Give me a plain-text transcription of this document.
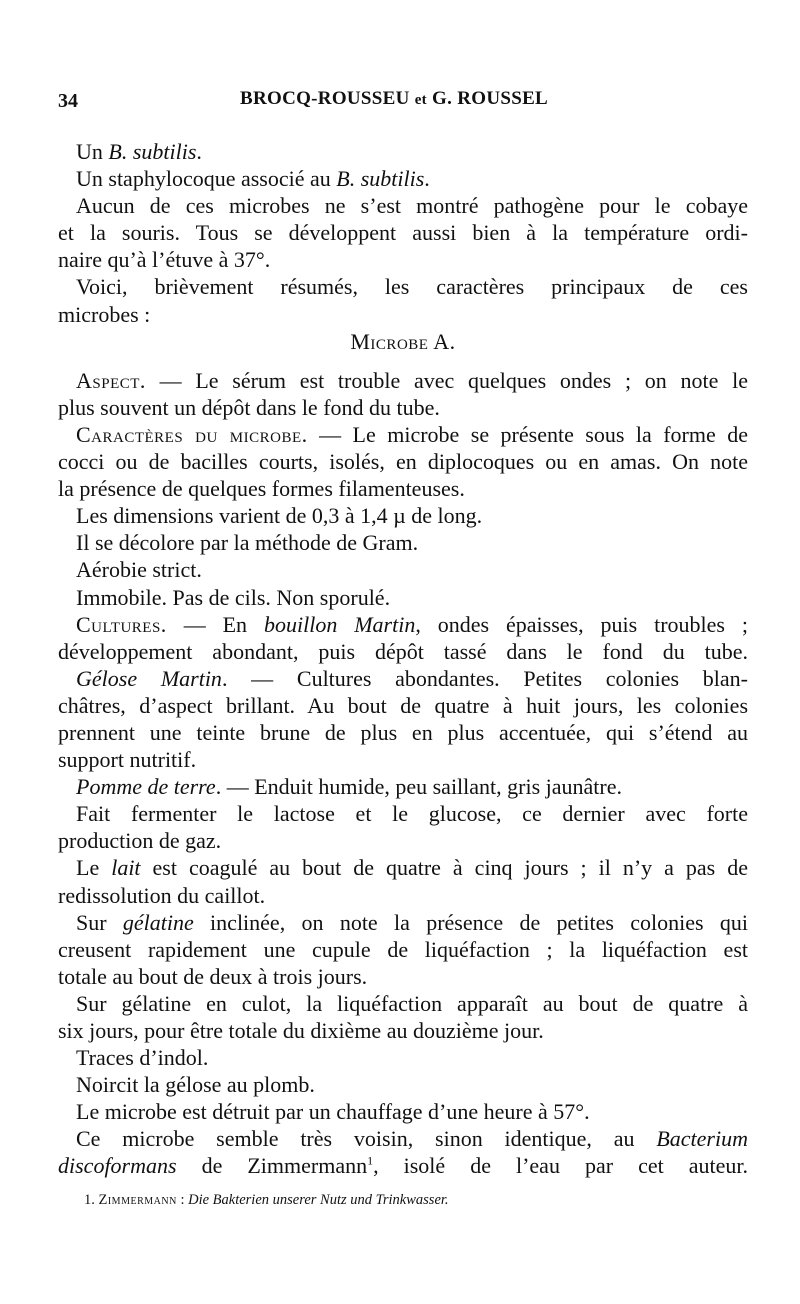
34	BROCQ-ROUSSEU et G. ROUSSEL
Un B. subtilis.
Un staphylocoque associé au B. subtilis.
Aucun de ces microbes ne s’est montré pathogène pour le cobaye
et la souris. Tous se développent aussi bien à la température ordi-
naire qu’à l’étuve à 37°.
Voici, brièvement résumés, les caractères principaux de ces
microbes :
Microbe A.
Aspect. — Le sérum est trouble avec quelques ondes ; on note le
plus souvent un dépôt dans le fond du tube.
Caractères du microbe. — Le microbe se présente sous la forme de
cocci ou de bacilles courts, isolés, en diplocoques ou en amas. On note
la présence de quelques formes filamenteuses.
Les dimensions varient de 0,3 à 1,4 µ de long.
Il se décolore par la méthode de Gram.
Aérobie strict.
Immobile. Pas de cils. Non sporulé.
Cultures. — En bouillon Martin, ondes épaisses, puis troubles ;
développement abondant, puis dépôt tassé dans le fond du tube.
Gélose Martin. — Cultures abondantes. Petites colonies blan-
châtres, d’aspect brillant. Au bout de quatre à huit jours, les colonies
prennent une teinte brune de plus en plus accentuée, qui s’étend au
support nutritif.
Pomme de terre. — Enduit humide, peu saillant, gris jaunâtre.
Fait fermenter le lactose et le glucose, ce dernier avec forte
production de gaz.
Le lait est coagulé au bout de quatre à cinq jours ; il n’y a pas de
redissolution du caillot.
Sur gélatine inclinée, on note la présence de petites colonies qui
creusent rapidement une cupule de liquéfaction ; la liquéfaction est
totale au bout de deux à trois jours.
Sur gélatine en culot, la liquéfaction apparaît au bout de quatre à
six jours, pour être totale du dixième au douzième jour.
Traces d’indol.
Noircit la gélose au plomb.
Le microbe est détruit par un chauffage d’une heure à 57°.
Ce microbe semble très voisin, sinon identique, au Bacterium
discoformans de Zimmermann$^1$, isolé de l’eau par cet auteur.
1. Zimmermann : Die Bakterien unserer Nutz und Trinkwasser.
